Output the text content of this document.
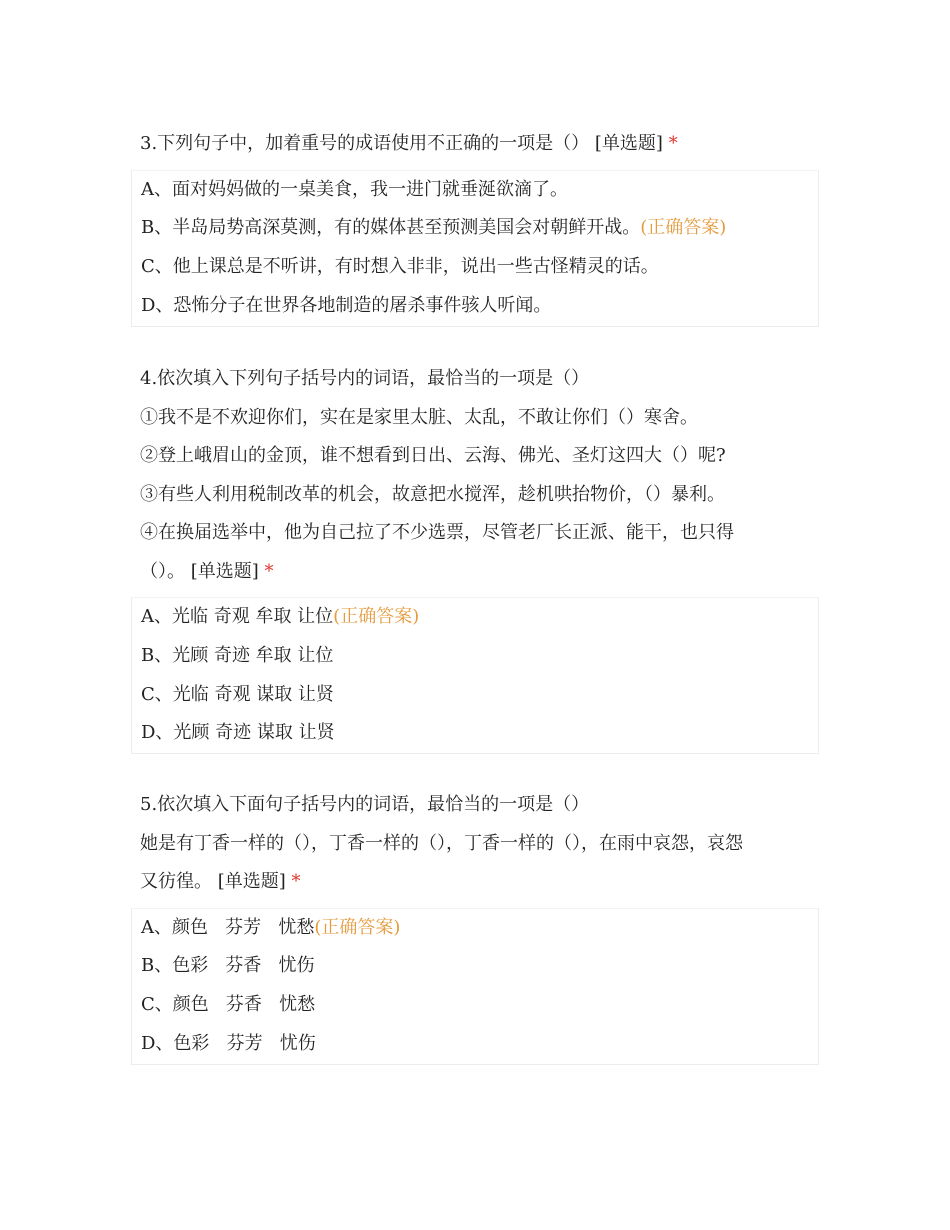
3.下列句子中，加着重号的成语使用不正确的一项是（） [单选题] *
A、面对妈妈做的一桌美食，我一进门就垂涎欲滴了。
B、半岛局势高深莫测，有的媒体甚至预测美国会对朝鲜开战。(正确答案)
C、他上课总是不听讲，有时想入非非，说出一些古怪精灵的话。
D、恐怖分子在世界各地制造的屠杀事件骇人听闻。
4.依次填入下列句子括号内的词语，最恰当的一项是（）
①我不是不欢迎你们，实在是家里太脏、太乱，不敢让你们（）寒舍。
②登上峨眉山的金顶，谁不想看到日出、云海、佛光、圣灯这四大（）呢?
③有些人利用税制改革的机会，故意把水搅浑，趁机哄抬物价，（）暴利。
④在换届选举中，他为自己拉了不少选票，尽管老厂长正派、能干，也只得
（）。 [单选题] *
A、光临 奇观 牟取 让位(正确答案)
B、光顾 奇迹 牟取 让位
C、光临 奇观 谋取 让贤
D、光顾 奇迹 谋取 让贤
5.依次填入下面句子括号内的词语，最恰当的一项是（）
她是有丁香一样的（），丁香一样的（），丁香一样的（），在雨中哀怨，哀怨
又彷徨。 [单选题] *
A、颜色   芬芳   忧愁(正确答案)
B、色彩   芬香   忧伤
C、颜色   芬香   忧愁
D、色彩   芬芳   忧伤
